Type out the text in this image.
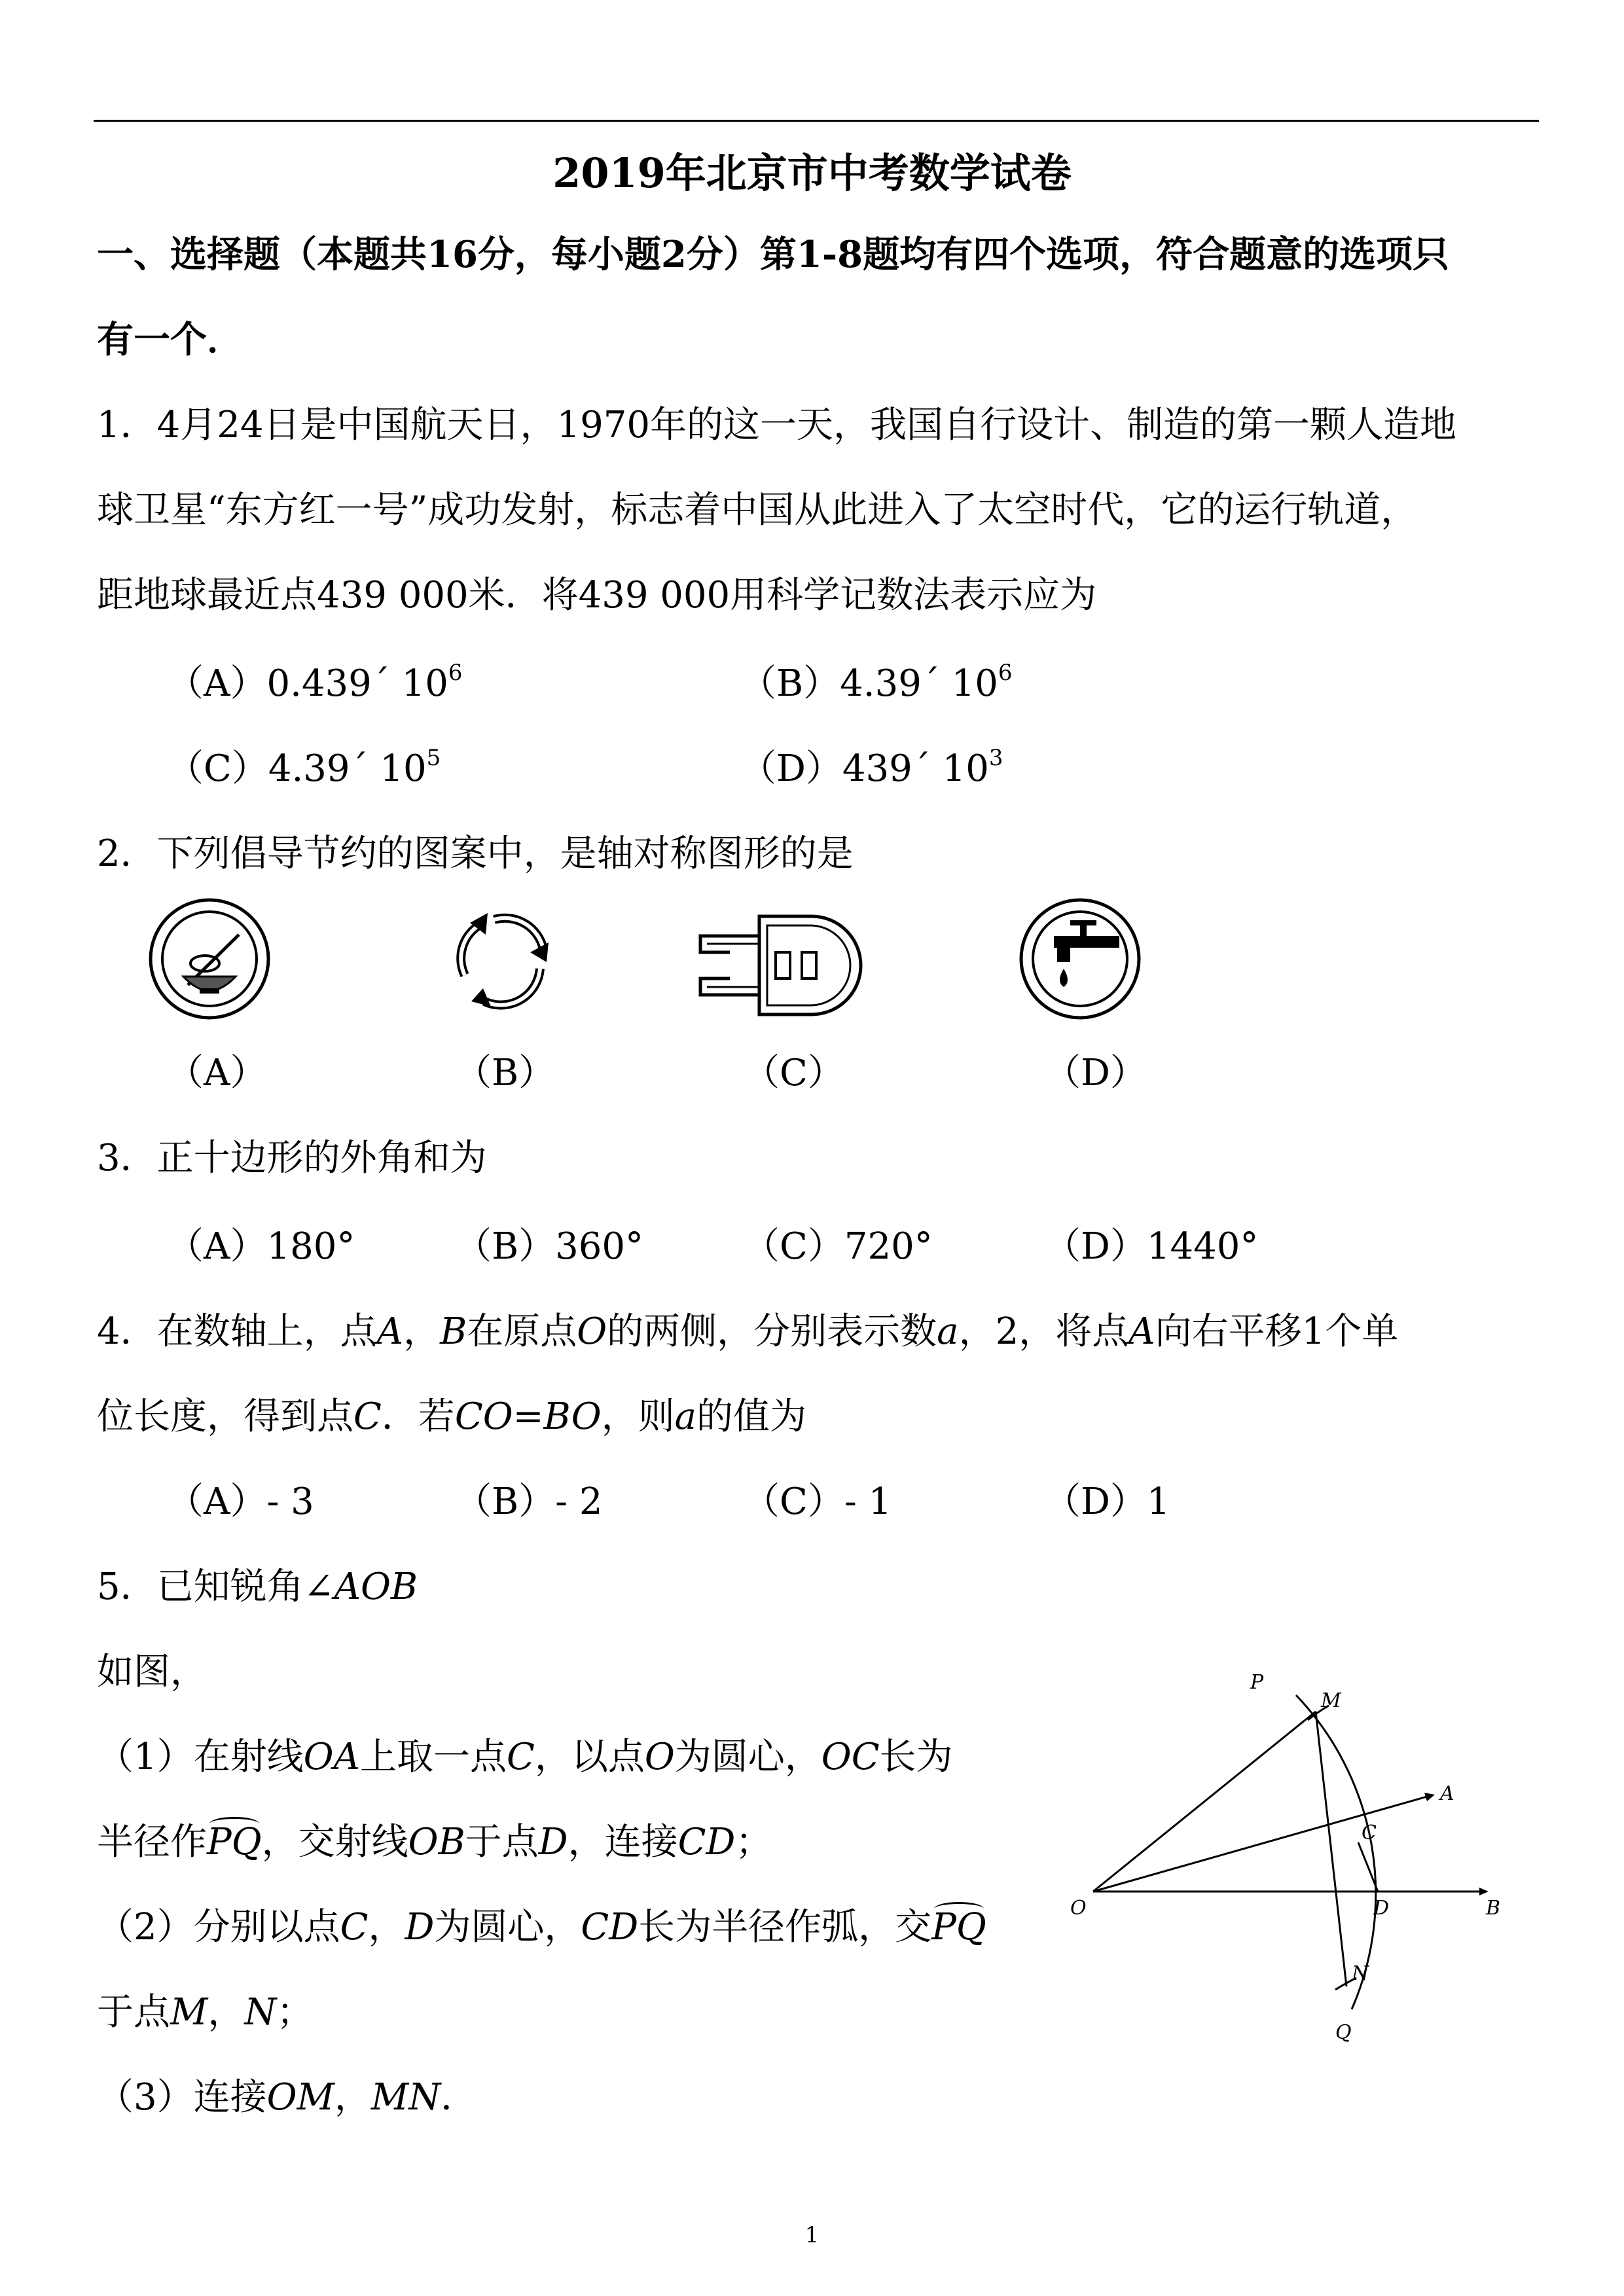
2019年北京市中考数学试卷
一、选择题（本题共16分，每小题2分）第1-8题均有四个选项，符合题意的选项只
有一个．
1．4月24日是中国航天日，1970年的这一天，我国自行设计、制造的第一颗人造地
球卫星“东方红一号”成功发射，标志着中国从此进入了太空时代，它的运行轨道，
距地球最近点439 000米．将439 000用科学记数法表示应为
（A）0.439´ $10^6$	（B）4.39´ $10^6$
（C）4.39´ $10^5$	（D）439´ $10^3$
2．下列倡导节约的图案中，是轴对称图形的是
（A）	（B）	（C）	（D）
3．正十边形的外角和为
（A）180°	（B）360°	（C）720°	（D）1440°
4．在数轴上，点A，B在原点O的两侧，分别表示数a，2，将点A向右平移1个单
位长度，得到点C．若CO=BO，则a的值为
（A）- 3	（B）- 2	（C）- 1	（D）1
5．已知锐角∠AOB
如图，
（1）在射线OA上取一点C，以点O为圆心，OC长为
半径作PQ，交射线OB于点D，连接CD；
（2）分别以点C，D为圆心，CD长为半径作弧，交PQ
于点M，N；
（3）连接OM，MN．
P
M
A
C
O	D	B
N
Q
1
